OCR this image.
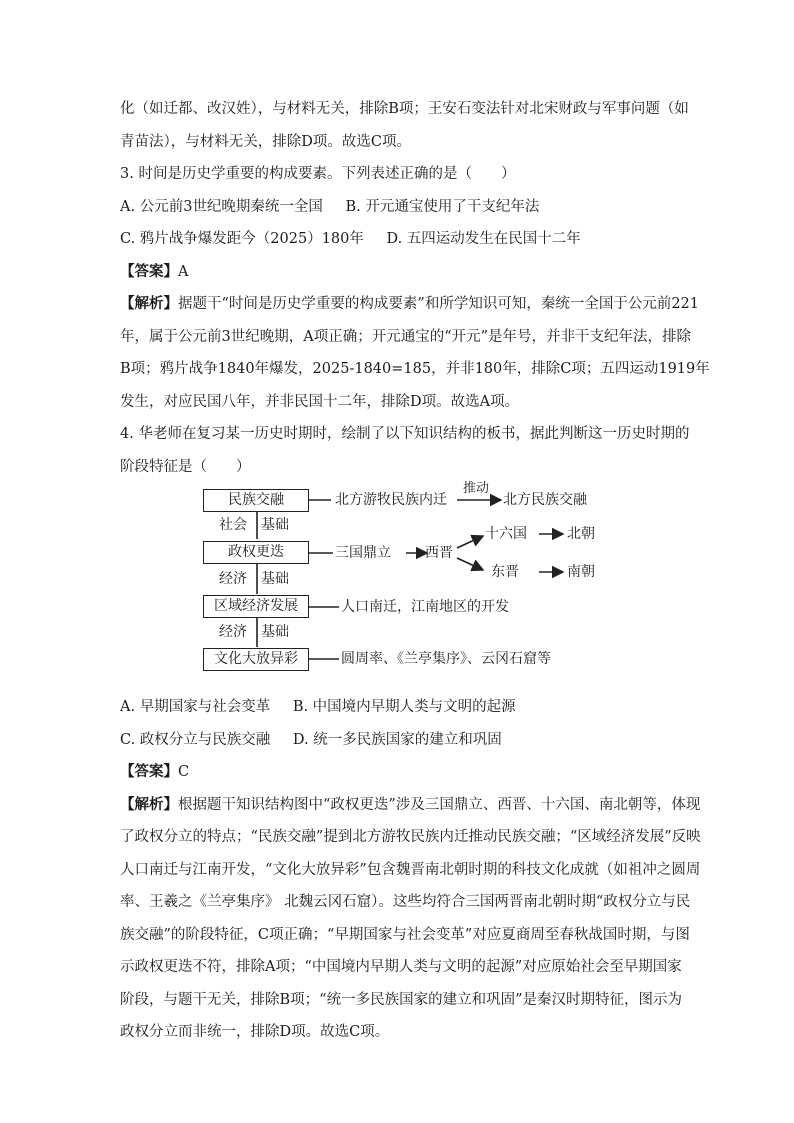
化（如迁都、改汉姓），与材料无关，排除B项；王安石变法针对北宋财政与军事问题（如
青苗法），与材料无关，排除D项。故选C项。
3. 时间是历史学重要的构成要素。下列表述正确的是（　　）
A. 公元前3世纪晚期秦统一全国 B. 开元通宝使用了干支纪年法
C. 鸦片战争爆发距今（2025）180年 D. 五四运动发生在民国十二年
【答案】A
【解析】据题干“时间是历史学重要的构成要素”和所学知识可知，秦统一全国于公元前221
年，属于公元前3世纪晚期，A项正确；开元通宝的“开元”是年号，并非干支纪年法，排除
B项；鸦片战争1840年爆发，2025-1840=185，并非180年，排除C项；五四运动1919年
发生，对应民国八年，并非民国十二年，排除D项。故选A项。
4. 华老师在复习某一历史时期时，绘制了以下知识结构的板书，据此判断这一历史时期的
阶段特征是（　　）
民族交融
政权更迭
区域经济发展
文化大放异彩
社会 基础
经济 基础
经济 基础
北方游牧民族内迁
推动
北方民族交融
三国鼎立 西晋
十六国	北朝
东晋	南朝
人口南迁，江南地区的开发
圆周率、《兰亭集序》、云冈石窟等
A. 早期国家与社会变革 B. 中国境内早期人类与文明的起源
C. 政权分立与民族交融 D. 统一多民族国家的建立和巩固
【答案】C
【解析】根据题干知识结构图中“政权更迭”涉及三国鼎立、西晋、十六国、南北朝等，体现
了政权分立的特点；“民族交融”提到北方游牧民族内迁推动民族交融；“区域经济发展”反映
人口南迁与江南开发，“文化大放异彩”包含魏晋南北朝时期的科技文化成就（如祖冲之圆周
率、王羲之《兰亭集序》 北魏云冈石窟）。这些均符合三国两晋南北朝时期“政权分立与民
族交融”的阶段特征，C项正确；“早期国家与社会变革”对应夏商周至春秋战国时期，与图
示政权更迭不符，排除A项；“中国境内早期人类与文明的起源”对应原始社会至早期国家
阶段，与题干无关，排除B项；“统一多民族国家的建立和巩固”是秦汉时期特征，图示为
政权分立而非统一，排除D项。故选C项。
